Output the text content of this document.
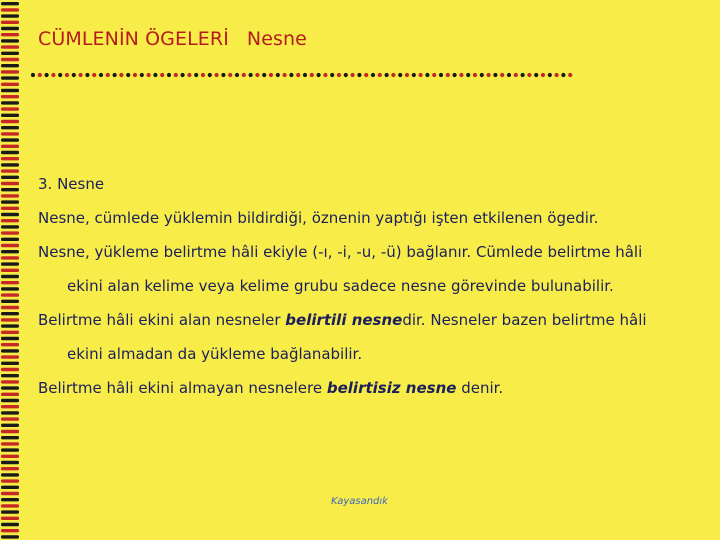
CÜMLENİN ÖGELERİ Nesne
3. Nesne

Nesne, cümlede yüklemin bildirdiği, öznenin yaptığı işten etkilenen ögedir.

Nesne, yükleme belirtme hâli ekiyle (-ı, -i, -u, -ü) bağlanır. Cümlede belirtme hâli
ekini alan kelime veya kelime grubu sadece nesne görevinde bulunabilir.

Belirtme hâli ekini alan nesneler belirtili nesnedir. Nesneler bazen belirtme hâli
ekini almadan da yükleme bağlanabilir.

Belirtme hâli ekini almayan nesnelere belirtisiz nesne denir.

Kayasandık
